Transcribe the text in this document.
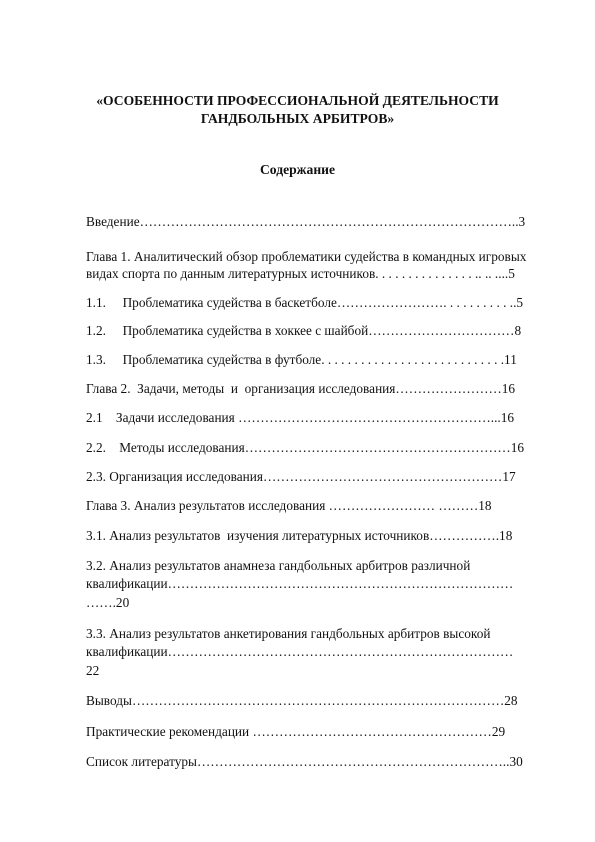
«ОСОБЕННОСТИ ПРОФЕССИОНАЛЬНОЙ ДЕЯТЕЛЬНОСТИ
ГАНДБОЛЬНЫХ АРБИТРОВ»
Содержание
Введение…………………………………………………………………………..3
Глава 1. Аналитический обзор проблематики судейства в командных игровых
видах спорта по данным литературных источников. . . . . . . . . . . . . . . .. .. ....5
1.1.     Проблематика судейства в баскетболе……………………. . . . . . . . . . ..5
1.2.     Проблематика судейства в хоккее с шайбой……………………………8
1.3.     Проблематика судейства в футболе. . . . . . . . . . . . . . . . . . . . . . . . . . . .11
Глава 2.  Задачи, методы  и  организация исследования……………………16
2.1    Задачи исследования …………………………………………………...16
2.2.    Методы исследования……………………………………………………16
2.3. Организация исследования………………………………………………17
Глава 3. Анализ результатов исследования …………………… ………18
3.1. Анализ результатов  изучения литературных источников…………….18
3.2. Анализ результатов анамнеза гандбольных арбитров различной
квалификации……………………………………………………………………
…….20
3.3. Анализ результатов анкетирования гандбольных арбитров высокой
квалификации……………………………………………………………………
22
Выводы…………………………………………………………………………28
Практические рекомендации ………………………………………………29
Список литературы……………………………………………………………..30
